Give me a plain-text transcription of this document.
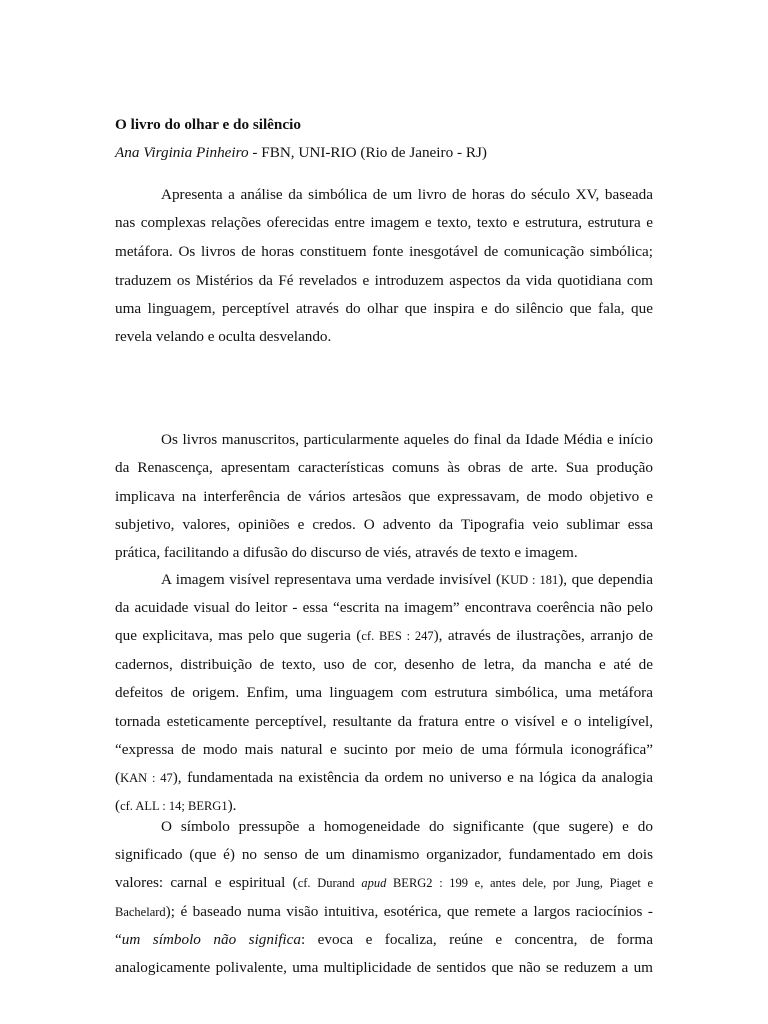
O livro do olhar e do silêncio

Ana Virginia Pinheiro - FBN, UNI-RIO (Rio de Janeiro - RJ)

Apresenta a análise da simbólica de um livro de horas do século XV, baseada
nas complexas relações oferecidas entre imagem e texto, texto e estrutura, estrutura e
metáfora. Os livros de horas constituem fonte inesgotável de comunicação simbólica;
traduzem os Mistérios da Fé revelados e introduzem aspectos da vida quotidiana com
uma linguagem, perceptível através do olhar que inspira e do silêncio que fala, que
revela velando e oculta desvelando.
Os livros manuscritos, particularmente aqueles do final da Idade Média e início
da Renascença, apresentam características comuns às obras de arte. Sua produção
implicava na interferência de vários artesãos que expressavam, de modo objetivo e
subjetivo, valores, opiniões e credos. O advento da Tipografia veio sublimar essa
prática, facilitando a difusão do discurso de viés, através de texto e imagem.
A imagem visível representava uma verdade invisível (KUD : 181), que dependia
da acuidade visual do leitor - essa “escrita na imagem” encontrava coerência não pelo
que explicitava, mas pelo que sugeria (cf. BES : 247), através de ilustrações, arranjo de
cadernos, distribuição de texto, uso de cor, desenho de letra, da mancha e até de
defeitos de origem. Enfim, uma linguagem com estrutura simbólica, uma metáfora
tornada esteticamente perceptível, resultante da fratura entre o visível e o inteligível,
“expressa de modo mais natural e sucinto por meio de uma fórmula iconográfica”
(KAN : 47), fundamentada na existência da ordem no universo e na lógica da analogia
(cf. ALL : 14; BERG1).
O símbolo pressupõe a homogeneidade do significante (que sugere) e do
significado (que é) no senso de um dinamismo organizador, fundamentado em dois
valores: carnal e espiritual (cf. Durand apud BERG2 : 199 e, antes dele, por Jung, Piaget e
Bachelard); é baseado numa visão intuitiva, esotérica, que remete a largos raciocínios -
“um símbolo não significa: evoca e focaliza, reúne e concentra, de forma
analogicamente polivalente, uma multiplicidade de sentidos que não se reduzem a um
